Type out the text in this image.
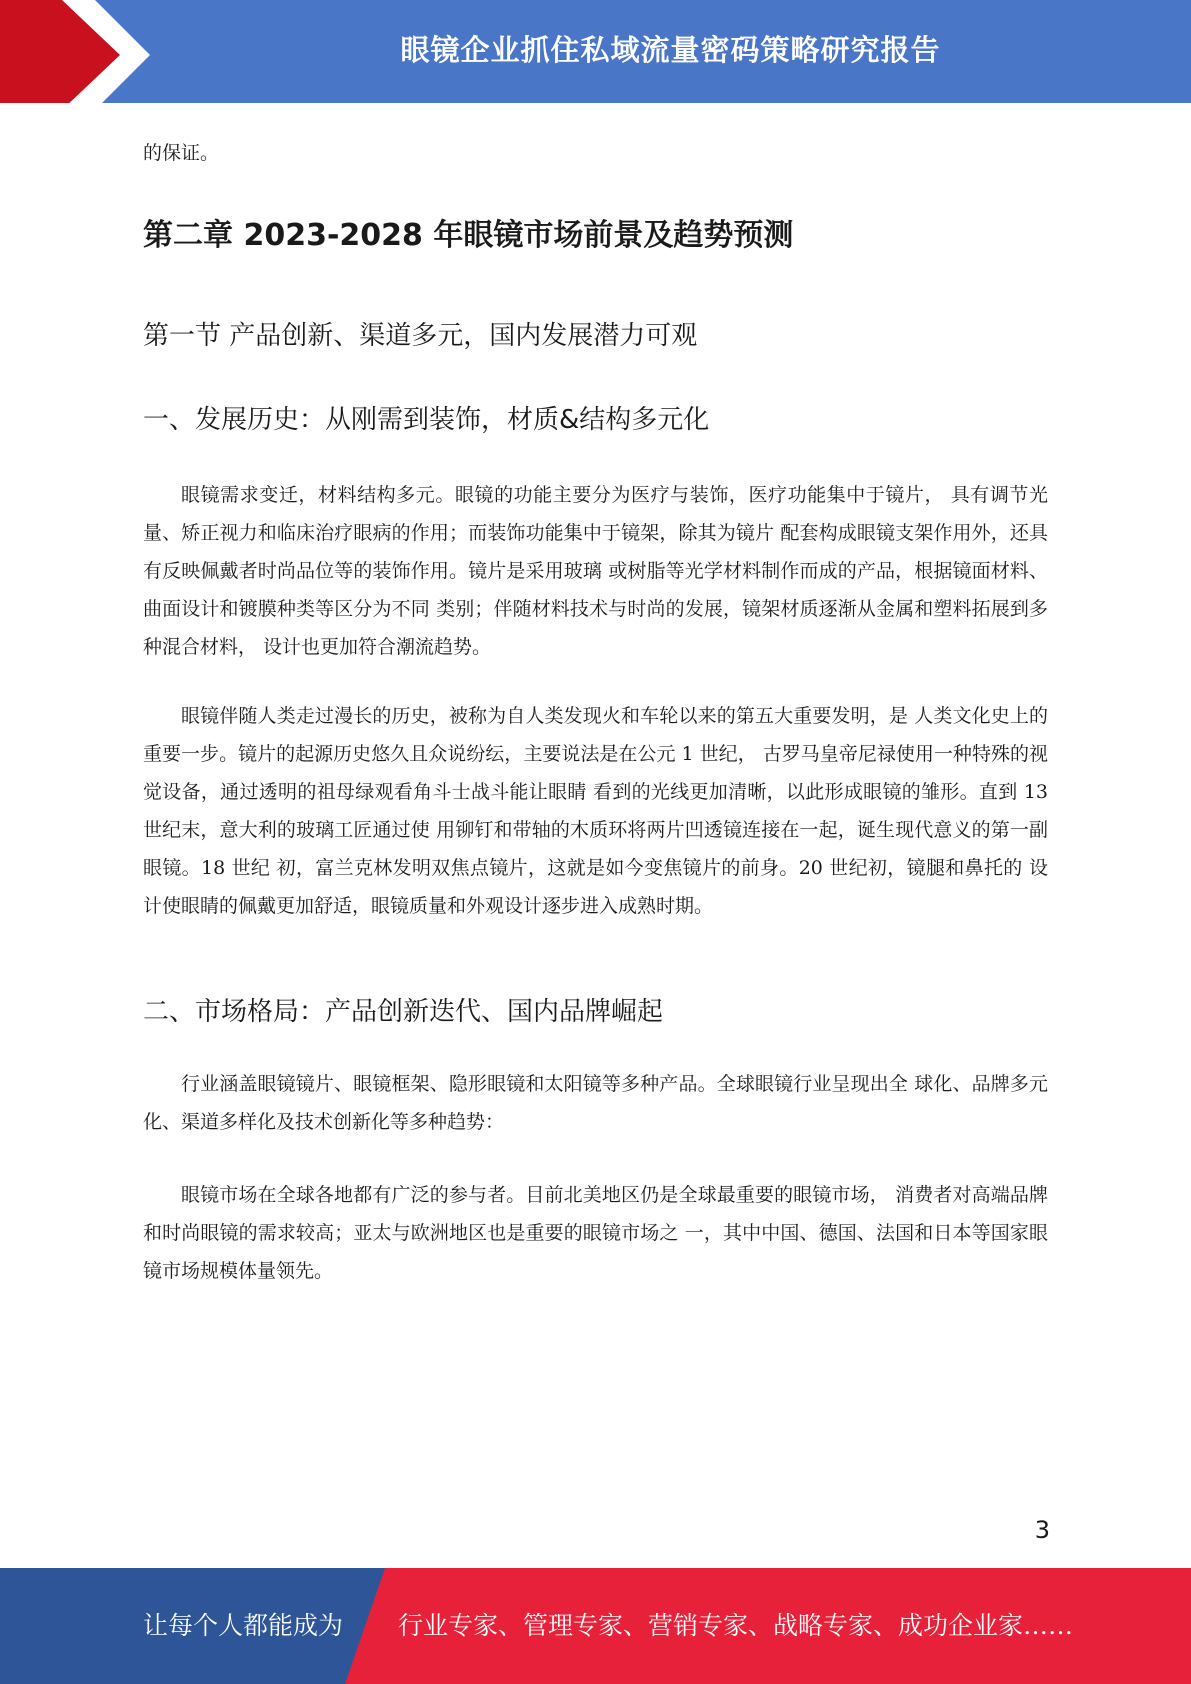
眼镜企业抓住私域流量密码策略研究报告

的保证。

第二章 2023-2028 年眼镜市场前景及趋势预测
第一节 产品创新、渠道多元，国内发展潜力可观
一、发展历史：从刚需到装饰，材质&结构多元化

眼镜需求变迁，材料结构多元。眼镜的功能主要分为医疗与装饰，医疗功能集中于镜片， 具有调节光量、矫正视力和临床治疗眼病的作用；而装饰功能集中于镜架，除其为镜片 配套构成眼镜支架作用外，还具有反映佩戴者时尚品位等的装饰作用。镜片是采用玻璃 或树脂等光学材料制作而成的产品，根据镜面材料、曲面设计和镀膜种类等区分为不同 类别；伴随材料技术与时尚的发展，镜架材质逐渐从金属和塑料拓展到多种混合材料， 设计也更加符合潮流趋势。

眼镜伴随人类走过漫长的历史，被称为自人类发现火和车轮以来的第五大重要发明，是 人类文化史上的重要一步。镜片的起源历史悠久且众说纷纭，主要说法是在公元 1 世纪， 古罗马皇帝尼禄使用一种特殊的视觉设备，通过透明的祖母绿观看角斗士战斗能让眼睛 看到的光线更加清晰，以此形成眼镜的雏形。直到 13 世纪末，意大利的玻璃工匠通过使 用铆钉和带轴的木质环将两片凹透镜连接在一起，诞生现代意义的第一副眼镜。18 世纪 初，富兰克林发明双焦点镜片，这就是如今变焦镜片的前身。20 世纪初，镜腿和鼻托的 设计使眼睛的佩戴更加舒适，眼镜质量和外观设计逐步进入成熟时期。

二、市场格局：产品创新迭代、国内品牌崛起

行业涵盖眼镜镜片、眼镜框架、隐形眼镜和太阳镜等多种产品。全球眼镜行业呈现出全 球化、品牌多元化、渠道多样化及技术创新化等多种趋势：

眼镜市场在全球各地都有广泛的参与者。目前北美地区仍是全球最重要的眼镜市场， 消费者对高端品牌和时尚眼镜的需求较高；亚太与欧洲地区也是重要的眼镜市场之 一，其中中国、德国、法国和日本等国家眼镜市场规模体量领先。

3

让每个人都能成为 行业专家、管理专家、营销专家、战略专家、成功企业家……
